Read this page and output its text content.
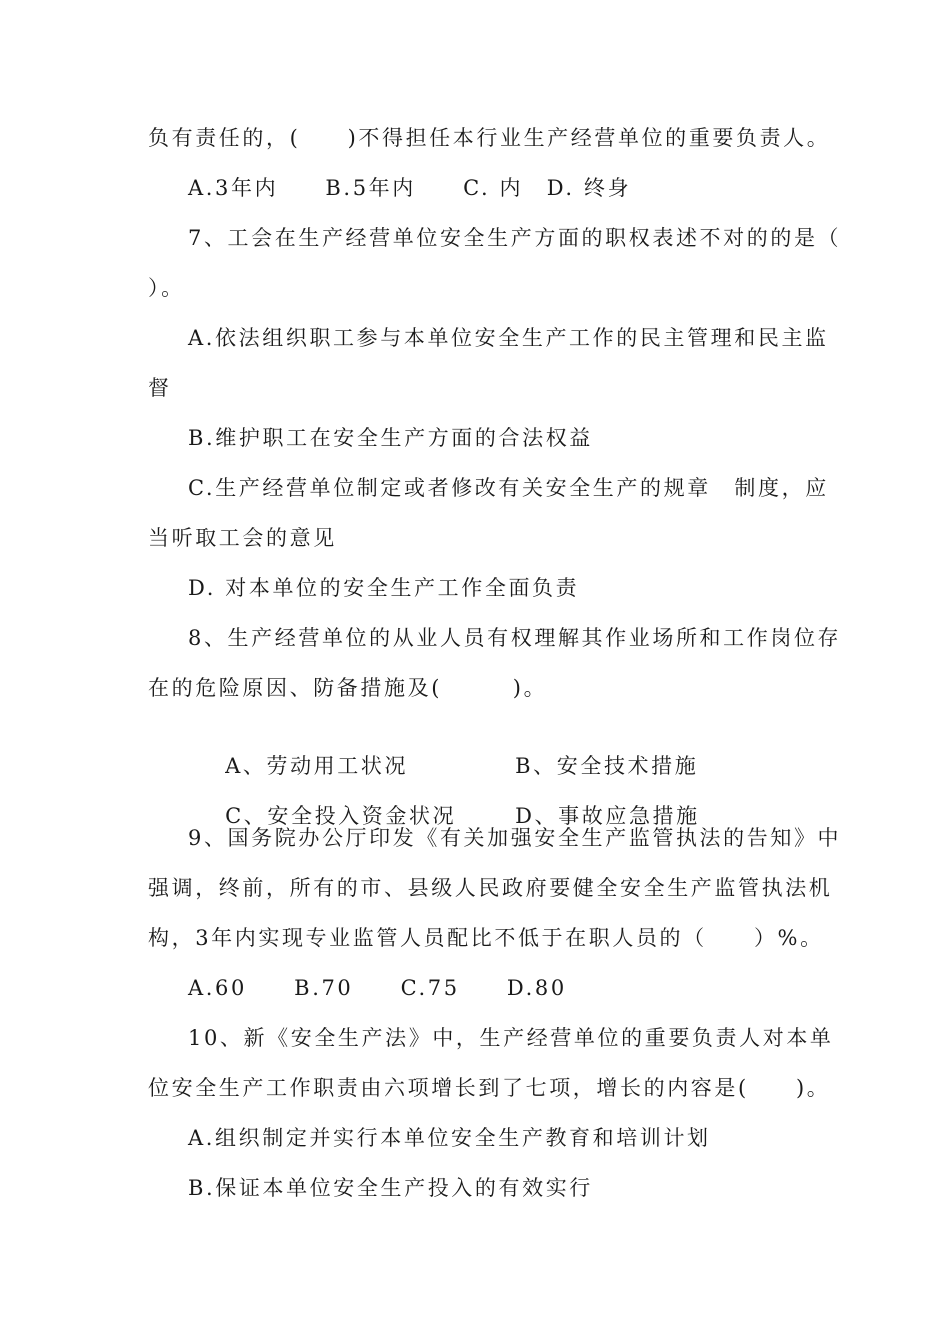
负有责任的，(　　)不得担任本行业生产经营单位的重要负责人。
A.3年内　　B.5年内　　C. 内　D. 终身
7、工会在生产经营单位安全生产方面的职权表述不对的的是（
）。
A.依法组织职工参与本单位安全生产工作的民主管理和民主监
督
B.维护职工在安全生产方面的合法权益
C.生产经营单位制定或者修改有关安全生产的规章　制度，应
当听取工会的意见
D. 对本单位的安全生产工作全面负责
8、生产经营单位的从业人员有权理解其作业场所和工作岗位存
在的危险原因、防备措施及(　　　)。

A、劳动用工状况
	B、安全技术措施

C、安全投入资金状况
	D、事故应急措施

9、国务院办公厅印发《有关加强安全生产监管执法的告知》中
强调，终前，所有的市、县级人民政府要健全安全生产监管执法机
构，3年内实现专业监管人员配比不低于在职人员的（　　）%。
A.60　　B.70　　C.75　　D.80
10、新《安全生产法》中，生产经营单位的重要负责人对本单
位安全生产工作职责由六项增长到了七项，增长的内容是(　　)。
A.组织制定并实行本单位安全生产教育和培训计划
B.保证本单位安全生产投入的有效实行
